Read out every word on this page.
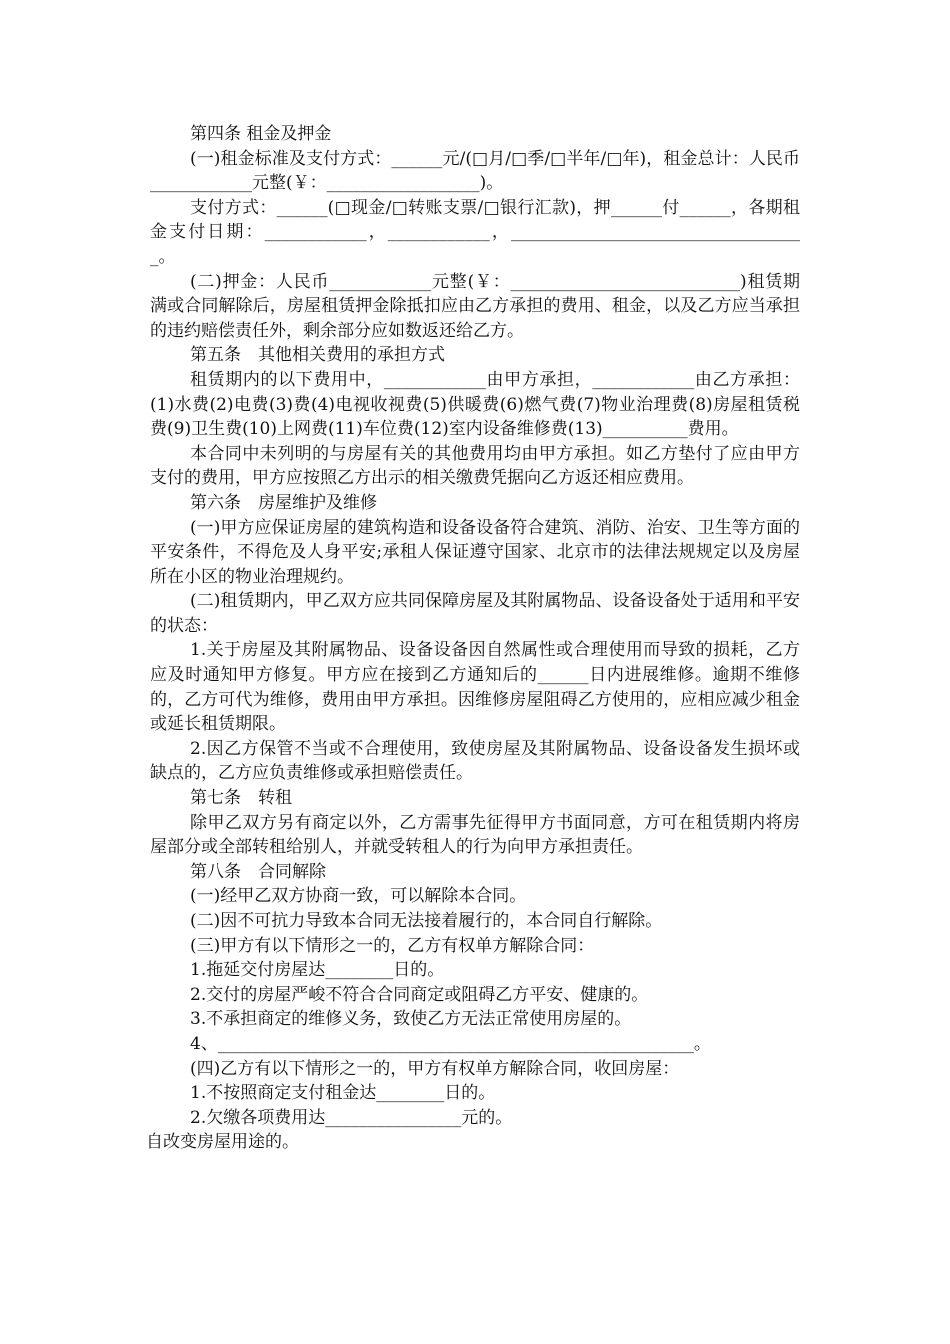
第四条 租金及押金

(一)租金标准及支付方式：______元/(□月/□季/□半年/□年)，租金总计：人民币____________元整(￥：__________________)。

支付方式：______(□现金/□转账支票/□银行汇款)，押______付______，各期租金支付日期：____________，____________，___________________________________。

(二)押金：人民币____________元整(￥：___________________________)租赁期满或合同解除后，房屋租赁押金除抵扣应由乙方承担的费用、租金，以及乙方应当承担的违约赔偿责任外，剩余部分应如数返还给乙方。

第五条　其他相关费用的承担方式

租赁期内的以下费用中，____________由甲方承担，____________由乙方承担：(1)水费(2)电费(3)费(4)电视收视费(5)供暖费(6)燃气费(7)物业治理费(8)房屋租赁税费(9)卫生费(10)上网费(11)车位费(12)室内设备维修费(13)__________费用。

本合同中未列明的与房屋有关的其他费用均由甲方承担。如乙方垫付了应由甲方支付的费用，甲方应按照乙方出示的相关缴费凭据向乙方返还相应费用。

第六条　房屋维护及维修

(一)甲方应保证房屋的建筑构造和设备设备符合建筑、消防、治安、卫生等方面的平安条件，不得危及人身平安;承租人保证遵守国家、北京市的法律法规规定以及房屋所在小区的物业治理规约。

(二)租赁期内，甲乙双方应共同保障房屋及其附属物品、设备设备处于适用和平安的状态：

1.关于房屋及其附属物品、设备设备因自然属性或合理使用而导致的损耗，乙方应及时通知甲方修复。甲方应在接到乙方通知后的______日内进展维修。逾期不维修的，乙方可代为维修，费用由甲方承担。因维修房屋阻碍乙方使用的，应相应减少租金或延长租赁期限。

2.因乙方保管不当或不合理使用，致使房屋及其附属物品、设备设备发生损坏或缺点的，乙方应负责维修或承担赔偿责任。

第七条　转租

除甲乙双方另有商定以外，乙方需事先征得甲方书面同意，方可在租赁期内将房屋部分或全部转租给别人，并就受转租人的行为向甲方承担责任。

第八条　合同解除

(一)经甲乙双方协商一致，可以解除本合同。

(二)因不可抗力导致本合同无法接着履行的，本合同自行解除。

(三)甲方有以下情形之一的，乙方有权单方解除合同：

1.拖延交付房屋达________日的。

2.交付的房屋严峻不符合合同商定或阻碍乙方平安、健康的。

3.不承担商定的维修义务，致使乙方无法正常使用房屋的。

4、________________________________________________________。

(四)乙方有以下情形之一的，甲方有权单方解除合同，收回房屋：

1.不按照商定支付租金达________日的。

2.欠缴各项费用达________________元的。

自改变房屋用途的。
